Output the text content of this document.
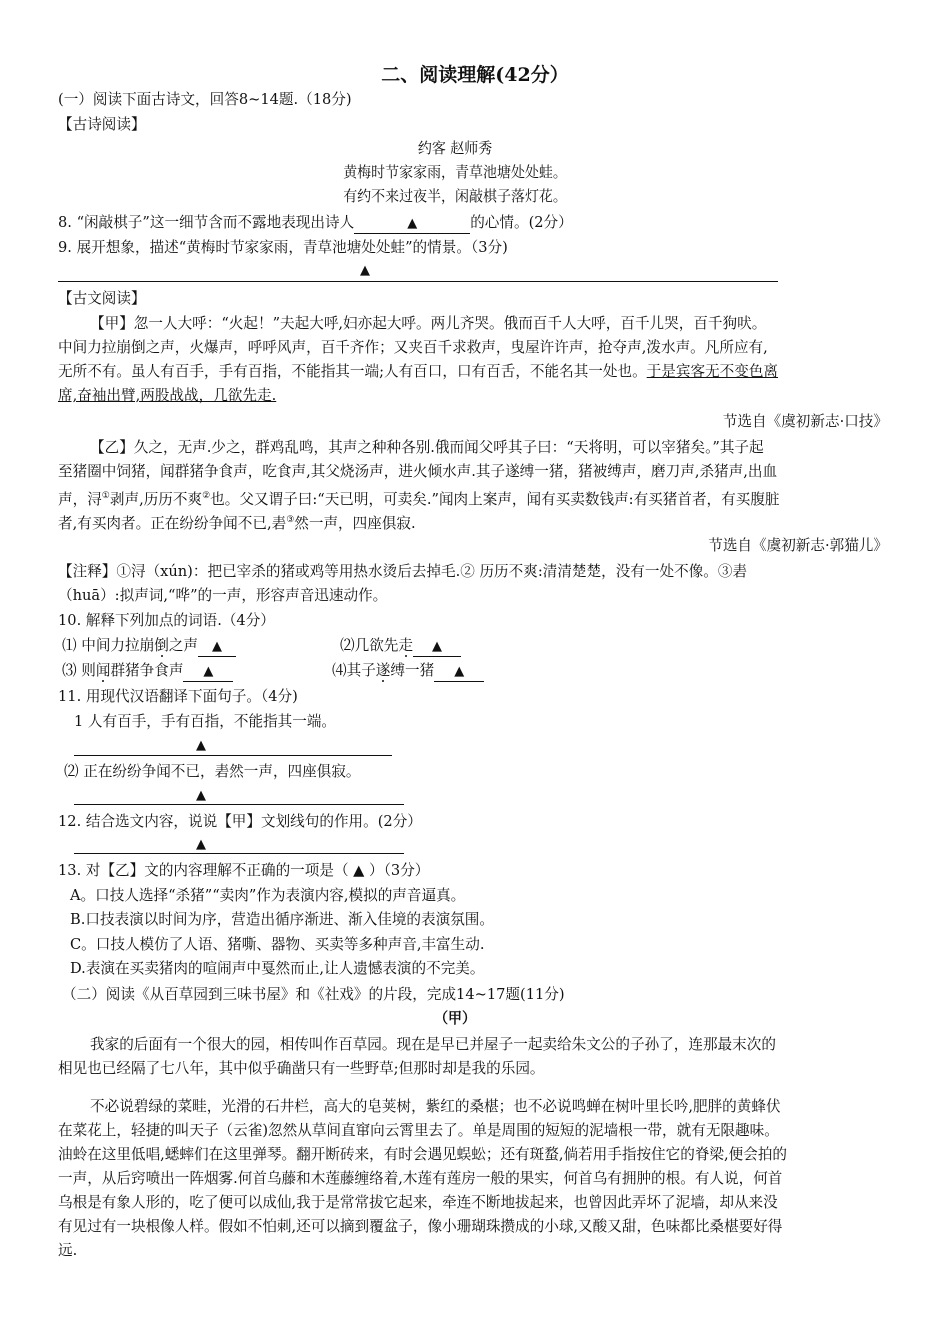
二、阅读理解(42分）
(一）阅读下面古诗文，回答8~14题.（18分)
【古诗阅读】
约客 赵师秀
黄梅时节家家雨，青草池塘处处蛙。
有约不来过夜半，闲敲棋子落灯花。
8. “闲敲棋子”这一细节含而不露地表现出诗人	▲	的心情。(2分）
9. 展开想象，描述“黄梅时节家家雨，青草池塘处处蛙”的情景。（3分)
▲
【古文阅读】
【甲】忽一人大呼：“火起！”夫起大呼,妇亦起大呼。两儿齐哭。俄而百千人大呼，百千儿哭，百千狗吠。
中间力拉崩倒之声，火爆声，呼呼风声，百千齐作；又夹百千求救声，曳屋许许声，抢夺声,泼水声。凡所应有,
无所不有。虽人有百手，手有百指，不能指其一端;人有百口，口有百舌，不能名其一处也。于是宾客无不变色离
席,奋袖出臂,两股战战，几欲先走.
节选自《虞初新志·口技》
【乙】久之，无声.少之，群鸡乱鸣，其声之种种各别.俄而闻父呼其子曰：“天将明，可以宰猪矣。”其子起
至猪圈中饲猪，闻群猪争食声，吃食声,其父烧汤声，进火倾水声.其子遂缚一猪，猪被缚声，磨刀声,杀猪声,出血
声，浔①剥声,历历不爽②也。父又谓子曰:“天已明，可卖矣.”闻肉上案声，闻有买卖数钱声:有买猪首者，有买腹脏
者,有买肉者。正在纷纷争闻不已,砉③然一声，四座俱寂.
节选自《虞初新志·郭猫儿》
【注释】①浔（xún)：把已宰杀的猪或鸡等用热水烫后去掉毛.② 历历不爽:清清楚楚，没有一处不像。③砉
（huā）:拟声词,“哗”的一声，形容声音迅速动作。
10. 解释下列加点的词语.（4分）
⑴ 中间力拉崩倒之声 ▲	⑵几欲先走 ▲
⑶ 则闻群猪争食声 ▲	⑷其子遂缚一猪 ▲
11. 用现代汉语翻译下面句子。（4分)
1 人有百手，手有百指，不能指其一端。
▲
⑵ 正在纷纷争闻不已，砉然一声，四座俱寂。
▲
12. 结合选文内容，说说【甲】文划线句的作用。(2分）
▲
13. 对【乙】文的内容理解不正确的一项是（ ▲ ）（3分）
A。口技人选择“杀猪”“卖肉”作为表演内容,模拟的声音逼真。
B.口技表演以时间为序，营造出循序渐进、渐入佳境的表演氛围。
C。口技人模仿了人语、猪嘶、器物、买卖等多种声音,丰富生动.
D.表演在买卖猪肉的喧闹声中戛然而止,让人遗憾表演的不完美。
（二）阅读《从百草园到三味书屋》和《社戏》的片段，完成14~17题(11分)
（甲）
我家的后面有一个很大的园，相传叫作百草园。现在是早已并屋子一起卖给朱文公的子孙了，连那最末次的
相见也已经隔了七八年，其中似乎确凿只有一些野草;但那时却是我的乐园。
不必说碧绿的菜畦，光滑的石井栏，高大的皂荚树，紫红的桑椹；也不必说鸣蝉在树叶里长吟,肥胖的黄蜂伏
在菜花上，轻捷的叫天子（云雀)忽然从草间直窜向云霄里去了。单是周围的短短的泥墙根一带，就有无限趣味。
油蛉在这里低唱,蟋蟀们在这里弹琴。翻开断砖来，有时会遇见蜈蚣；还有斑蝥,倘若用手指按住它的脊梁,便会拍的
一声，从后窍喷出一阵烟雾.何首乌藤和木莲藤缠络着,木莲有莲房一般的果实，何首乌有拥肿的根。有人说，何首
乌根是有象人形的，吃了便可以成仙,我于是常常拔它起来，牵连不断地拔起来，也曾因此弄坏了泥墙，却从来没
有见过有一块根像人样。假如不怕刺,还可以摘到覆盆子，像小珊瑚珠攒成的小球,又酸又甜，色味都比桑椹要好得
远.
